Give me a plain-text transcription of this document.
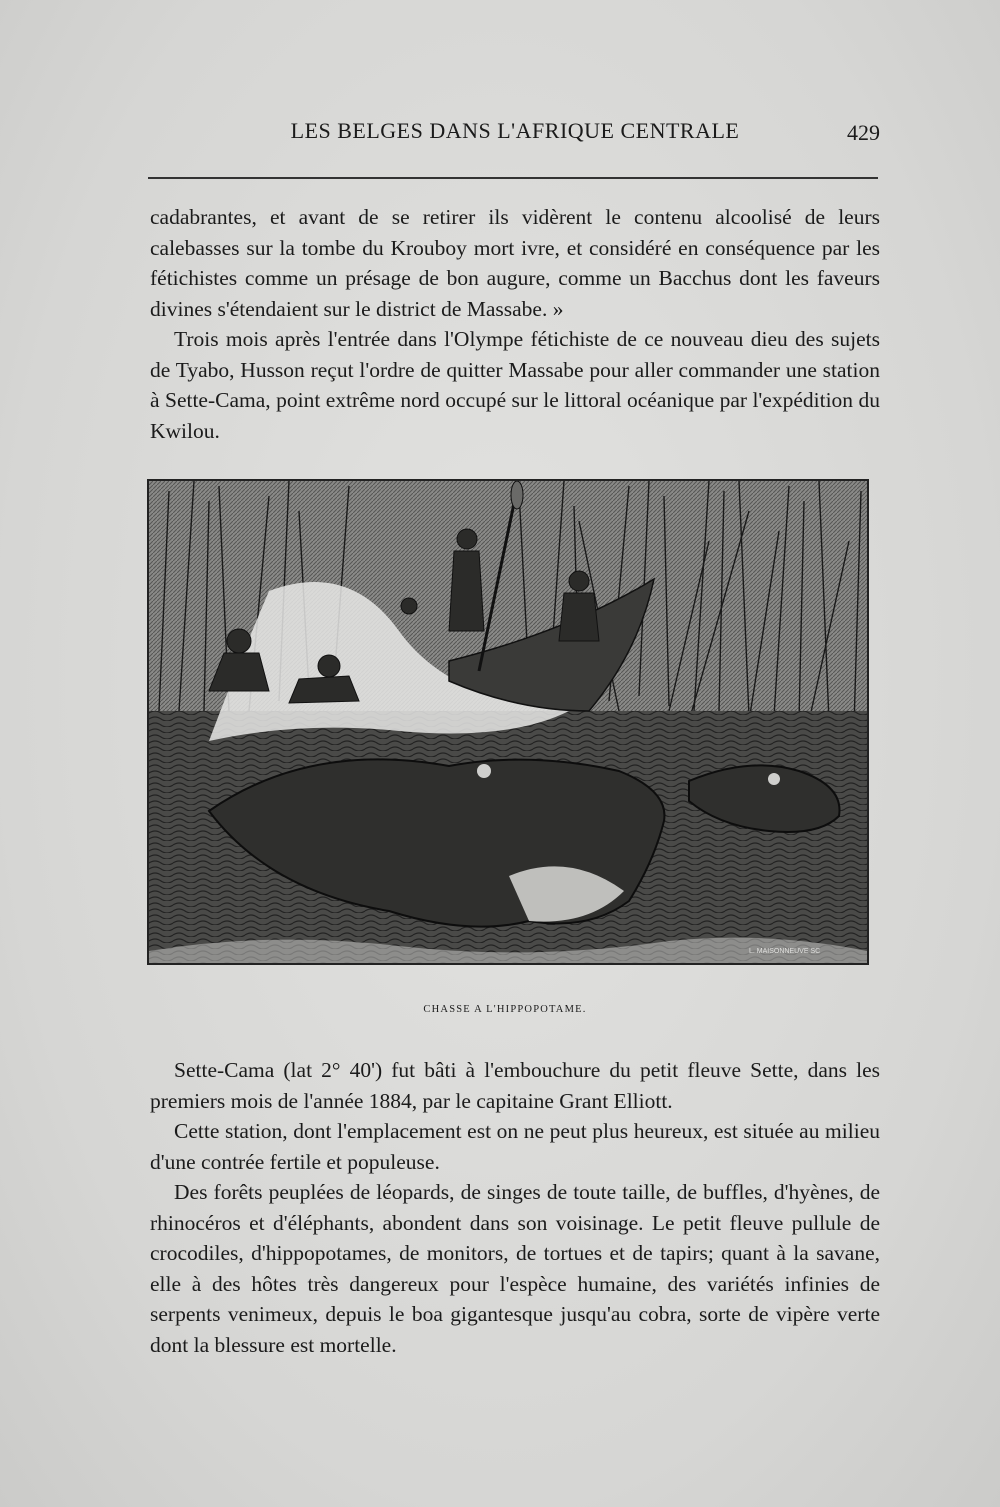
LES BELGES DANS L'AFRIQUE CENTRALE	429

cadabrantes, et avant de se retirer ils vidèrent le contenu alcoolisé de leurs calebasses sur la tombe du Krouboy mort ivre, et considéré en conséquence par les fétichistes comme un présage de bon augure, comme un Bacchus dont les faveurs divines s'étendaient sur le district de Massabe. »

Trois mois après l'entrée dans l'Olympe fétichiste de ce nouveau dieu des sujets de Tyabo, Husson reçut l'ordre de quitter Massabe pour aller commander une station à Sette-Cama, point extrême nord occupé sur le littoral océanique par l'expédition du Kwilou.

L. MAISONNEUVE SC
CHASSE A L'HIPPOPOTAME.

Sette-Cama (lat 2° 40') fut bâti à l'embouchure du petit fleuve Sette, dans les premiers mois de l'année 1884, par le capitaine Grant Elliott.

Cette station, dont l'emplacement est on ne peut plus heureux, est située au milieu d'une contrée fertile et populeuse.

Des forêts peuplées de léopards, de singes de toute taille, de buffles, d'hyènes, de rhinocéros et d'éléphants, abondent dans son voisinage. Le petit fleuve pullule de crocodiles, d'hippopotames, de monitors, de tortues et de tapirs; quant à la savane, elle à des hôtes très dangereux pour l'espèce humaine, des variétés infinies de serpents venimeux, depuis le boa gigantesque jusqu'au cobra, sorte de vipère verte dont la blessure est mortelle.
